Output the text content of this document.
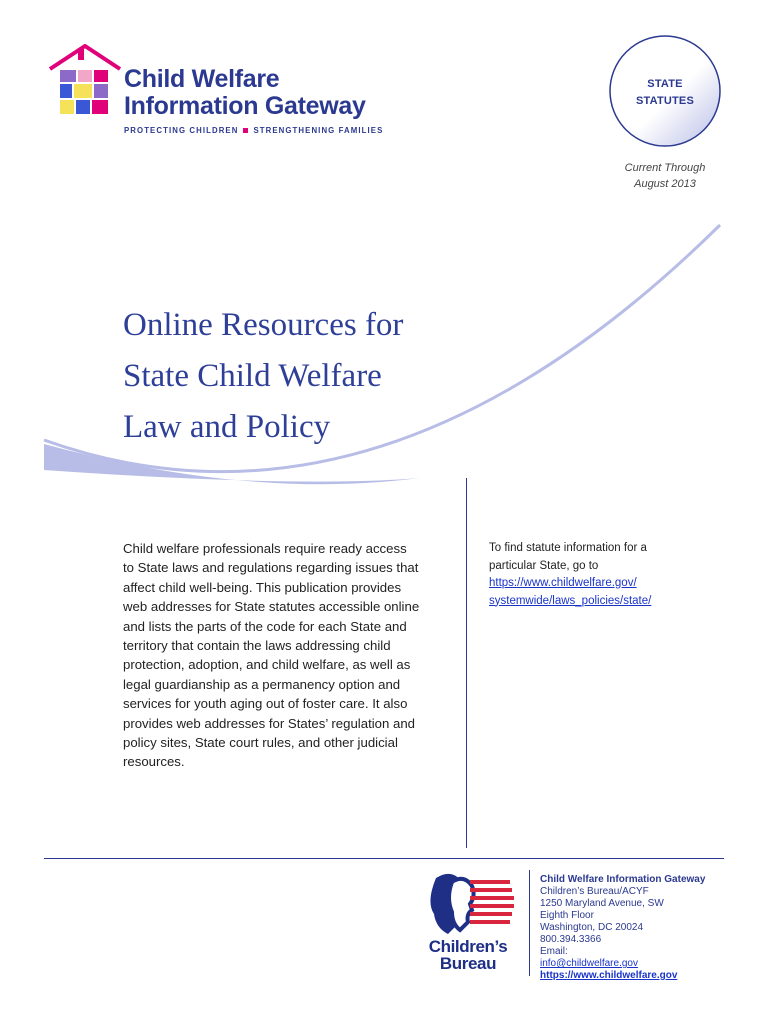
Child Welfare
Information Gateway
PROTECTING CHILDREN STRENGTHENING FAMILIES
STATE
STATUTES
Current Through
August 2013
Online Resources for
State Child Welfare
Law and Policy

Child welfare professionals require ready access
to State laws and regulations regarding issues that
affect child well-being. This publication provides
web addresses for State statutes accessible online
and lists the parts of the code for each State and
territory that contain the laws addressing child
protection, adoption, and child welfare, as well as
legal guardianship as a permanency option and
services for youth aging out of foster care. It also
provides web addresses for States’ regulation and
policy sites, State court rules, and other judicial
resources.

To find statute information for a
particular State, go to
https://www.childwelfare.gov/
systemwide/laws_policies/state/
Children’s
Bureau
Child Welfare Information Gateway
Children’s Bureau/ACYF
1250 Maryland Avenue, SW
Eighth Floor
Washington, DC 20024
800.394.3366
Email:
info@childwelfare.gov
https://www.childwelfare.gov
